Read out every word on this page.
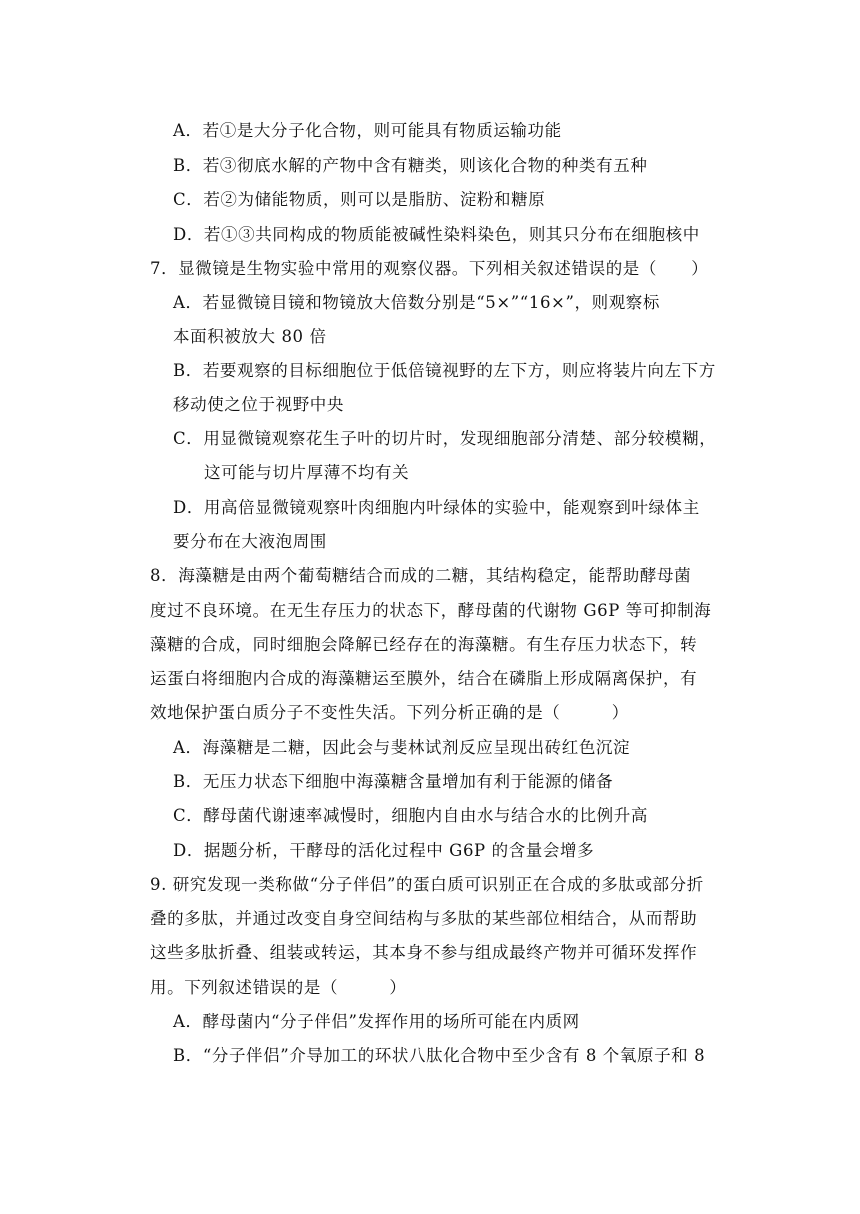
A．若①是大分子化合物，则可能具有物质运输功能
B．若③彻底水解的产物中含有糖类，则该化合物的种类有五种
C．若②为储能物质，则可以是脂肪、淀粉和糖原
D．若①③共同构成的物质能被碱性染料染色，则其只分布在细胞核中
7．显微镜是生物实验中常用的观察仪器。下列相关叙述错误的是（　　）
A．若显微镜目镜和物镜放大倍数分别是“5×”“16×”，则观察标
本面积被放大 80 倍
B．若要观察的目标细胞位于低倍镜视野的左下方，则应将装片向左下方
移动使之位于视野中央
C．用显微镜观察花生子叶的切片时，发现细胞部分清楚、部分较模糊，
这可能与切片厚薄不均有关
D．用高倍显微镜观察叶肉细胞内叶绿体的实验中，能观察到叶绿体主
要分布在大液泡周围
8．海藻糖是由两个葡萄糖结合而成的二糖，其结构稳定，能帮助酵母菌
度过不良环境。在无生存压力的状态下，酵母菌的代谢物 G6P 等可抑制海
藻糖的合成，同时细胞会降解已经存在的海藻糖。有生存压力状态下，转
运蛋白将细胞内合成的海藻糖运至膜外，结合在磷脂上形成隔离保护，有
效地保护蛋白质分子不变性失活。下列分析正确的是（　　　）
A．海藻糖是二糖，因此会与斐林试剂反应呈现出砖红色沉淀
B．无压力状态下细胞中海藻糖含量增加有利于能源的储备
C．酵母菌代谢速率减慢时，细胞内自由水与结合水的比例升高
D．据题分析，干酵母的活化过程中 G6P 的含量会增多
9. 研究发现一类称做“分子伴侣”的蛋白质可识别正在合成的多肽或部分折
叠的多肽，并通过改变自身空间结构与多肽的某些部位相结合，从而帮助
这些多肽折叠、组装或转运，其本身不参与组成最终产物并可循环发挥作
用。下列叙述错误的是（　　　）
A．酵母菌内“分子伴侣”发挥作用的场所可能在内质网
B．“分子伴侣”介导加工的环状八肽化合物中至少含有 8 个氧原子和 8
